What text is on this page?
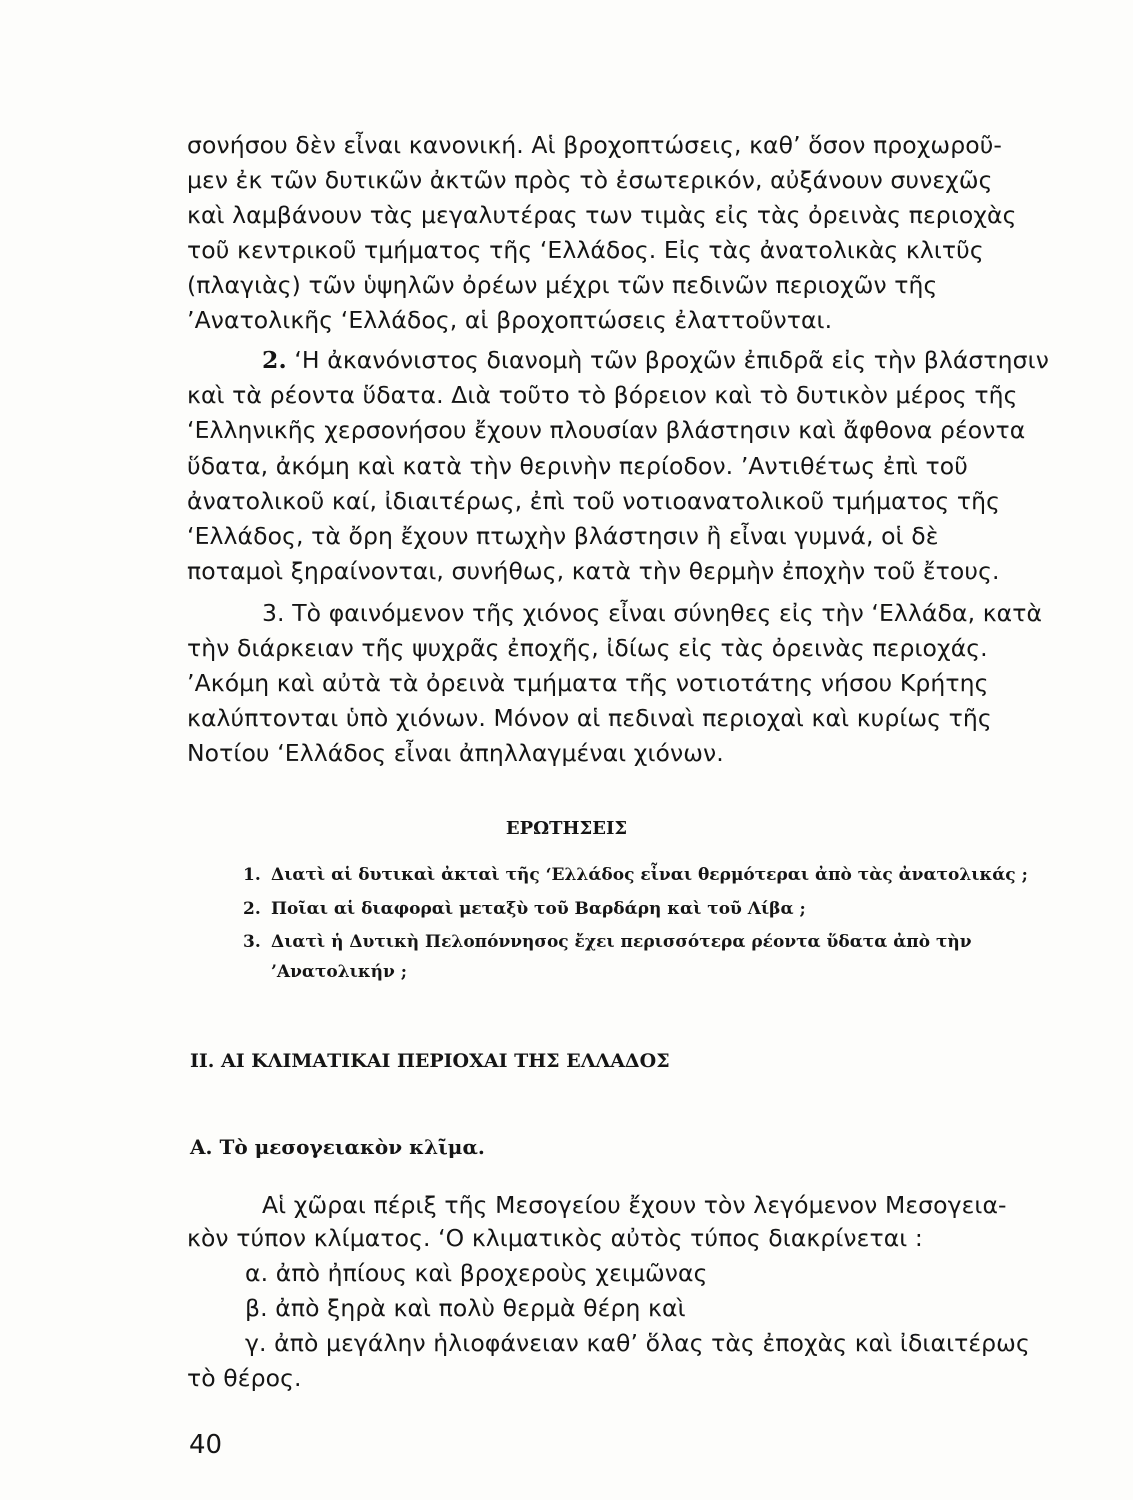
σονήσου δὲν εἶναι κανονική. Αἱ βροχοπτώσεις, καθ’ ὅσον προχωροῦ-
μεν ἐκ τῶν δυτικῶν ἀκτῶν πρὸς τὸ ἐσωτερικόν, αὐξάνουν συνεχῶς
καὶ λαμβάνουν τὰς μεγαλυτέρας των τιμὰς εἰς τὰς ὀρεινὰς περιοχὰς
τοῦ κεντρικοῦ τμήματος τῆς ‘Ελλάδος. Εἰς τὰς ἀνατολικὰς κλιτῦς
(πλαγιὰς) τῶν ὑψηλῶν ὀρέων μέχρι τῶν πεδινῶν περιοχῶν τῆς
’Ανατολικῆς ‘Ελλάδος, αἱ βροχοπτώσεις ἐλαττοῦνται.
2. ‘Η ἀκανόνιστος διανομὴ τῶν βροχῶν ἐπιδρᾶ εἰς τὴν βλάστησιν
καὶ τὰ ρέοντα ὕδατα. Διὰ τοῦτο τὸ βόρειον καὶ τὸ δυτικὸν μέρος τῆς
‘Ελληνικῆς χερσονήσου ἔχουν πλουσίαν βλάστησιν καὶ ἄφθονα ρέοντα
ὕδατα, ἀκόμη καὶ κατὰ τὴν θερινὴν περίοδον. ’Αντιθέτως ἐπὶ τοῦ
ἀνατολικοῦ καί, ἰδιαιτέρως, ἐπὶ τοῦ νοτιοανατολικοῦ τμήματος τῆς
‘Ελλάδος, τὰ ὄρη ἔχουν πτωχὴν βλάστησιν ἢ εἶναι γυμνά, οἱ δὲ
ποταμοὶ ξηραίνονται, συνήθως, κατὰ τὴν θερμὴν ἐποχὴν τοῦ ἔτους.
3. Τὸ φαινόμενον τῆς χιόνος εἶναι σύνηθες εἰς τὴν ‘Ελλάδα, κατὰ
τὴν διάρκειαν τῆς ψυχρᾶς ἐποχῆς, ἰδίως εἰς τὰς ὀρεινὰς περιοχάς.
’Ακόμη καὶ αὐτὰ τὰ ὀρεινὰ τμήματα τῆς νοτιοτάτης νήσου Κρήτης
καλύπτονται ὑπὸ χιόνων. Μόνον αἱ πεδιναὶ περιοχαὶ καὶ κυρίως τῆς
Νοτίου ‘Ελλάδος εἶναι ἀπηλλαγμέναι χιόνων.
ΕΡΩΤΗΣΕΙΣ
1. Διατὶ αἱ δυτικαὶ ἀκταὶ τῆς ‘Ελλάδος εἶναι θερμότεραι ἀπὸ τὰς ἀνατολικάς ;
2. Ποῖαι αἱ διαφοραὶ μεταξὺ τοῦ Βαρδάρη καὶ τοῦ Λίβα ;
3. Διατὶ ἡ Δυτικὴ Πελοπόννησος ἔχει περισσότερα ρέοντα ὕδατα ἀπὸ τὴν
’Ανατολικήν ;
ΙΙ. ΑΙ ΚΛΙΜΑΤΙΚΑΙ ΠΕΡΙΟΧΑΙ ΤΗΣ ΕΛΛΑΔΟΣ
Α. Τὸ μεσογειακὸν κλῖμα.
Αἱ χῶραι πέριξ τῆς Μεσογείου ἔχουν τὸν λεγόμενον Μεσογεια-
κὸν τύπον κλίματος. ‘Ο κλιματικὸς αὐτὸς τύπος διακρίνεται :
α. ἀπὸ ἠπίους καὶ βροχεροὺς χειμῶνας
β. ἀπὸ ξηρὰ καὶ πολὺ θερμὰ θέρη καὶ
γ. ἀπὸ μεγάλην ἡλιοφάνειαν καθ’ ὅλας τὰς ἐποχὰς καὶ ἰδιαιτέρως
τὸ θέρος.
40
